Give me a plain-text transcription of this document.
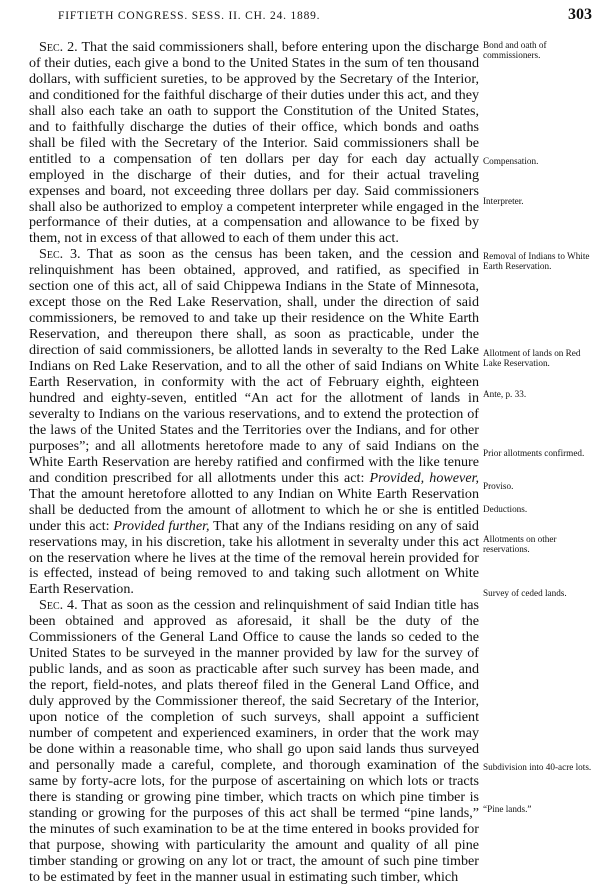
FIFTIETH CONGRESS. SESS. II. CH. 24. 1889.	303

Sec. 2. That the said commissioners shall, before entering upon the discharge of their duties, each give a bond to the United States in the sum of ten thousand dollars, with sufficient sureties, to be approved by the Secretary of the Interior, and conditioned for the faithful discharge of their duties under this act, and they shall also each take an oath to support the Constitution of the United States, and to faithfully discharge the duties of their office, which bonds and oaths shall be filed with the Secretary of the Interior. Said commissioners shall be entitled to a compensation of ten dollars per day for each day actually employed in the discharge of their duties, and for their actual traveling expenses and board, not exceeding three dollars per day. Said commissioners shall also be authorized to employ a competent interpreter while engaged in the performance of their duties, at a compensation and allowance to be fixed by them, not in excess of that allowed to each of them under this act.

Sec. 3. That as soon as the census has been taken, and the cession and relinquishment has been obtained, approved, and ratified, as specified in section one of this act, all of said Chippewa Indians in the State of Minnesota, except those on the Red Lake Reservation, shall, under the direction of said commissioners, be removed to and take up their residence on the White Earth Reservation, and thereupon there shall, as soon as practicable, under the direction of said commissioners, be allotted lands in severalty to the Red Lake Indians on Red Lake Reservation, and to all the other of said Indians on White Earth Reservation, in conformity with the act of February eighth, eighteen hundred and eighty-seven, entitled “An act for the allotment of lands in severalty to Indians on the various reservations, and to extend the protection of the laws of the United States and the Territories over the Indians, and for other purposes”; and all allotments heretofore made to any of said Indians on the White Earth Reservation are hereby ratified and confirmed with the like tenure and condition prescribed for all allotments under this act: Provided, however, That the amount heretofore allotted to any Indian on White Earth Reservation shall be deducted from the amount of allotment to which he or she is entitled under this act: Provided further, That any of the Indians residing on any of said reservations may, in his discretion, take his allotment in severalty under this act on the reservation where he lives at the time of the removal herein provided for is effected, instead of being removed to and taking such allotment on White Earth Reservation.

Sec. 4. That as soon as the cession and relinquishment of said Indian title has been obtained and approved as aforesaid, it shall be the duty of the Commissioners of the General Land Office to cause the lands so ceded to the United States to be surveyed in the manner provided by law for the survey of public lands, and as soon as practicable after such survey has been made, and the report, field-notes, and plats thereof filed in the General Land Office, and duly approved by the Commissioner thereof, the said Secretary of the Interior, upon notice of the completion of such surveys, shall appoint a sufficient number of competent and experienced examiners, in order that the work may be done within a reasonable time, who shall go upon said lands thus surveyed and personally made a careful, complete, and thorough examination of the same by forty-acre lots, for the purpose of ascertaining on which lots or tracts there is standing or growing pine timber, which tracts on which pine timber is standing or growing for the purposes of this act shall be termed “pine lands,” the minutes of such examination to be at the time entered in books provided for that purpose, showing with particularity the amount and quality of all pine timber standing or growing on any lot or tract, the amount of such pine timber to be estimated by feet in the manner usual in estimating such timber, which

Bond and oath of commissioners.
Compensation.
Interpreter.
Removal of Indians to White Earth Reservation.
Allotment of lands on Red Lake Reservation.
Ante, p. 33.
Prior allotments confirmed.
Proviso.
Deductions.
Allotments on other reservations.
Survey of ceded lands.
Subdivision into 40-acre lots.
“Pine lands.”
